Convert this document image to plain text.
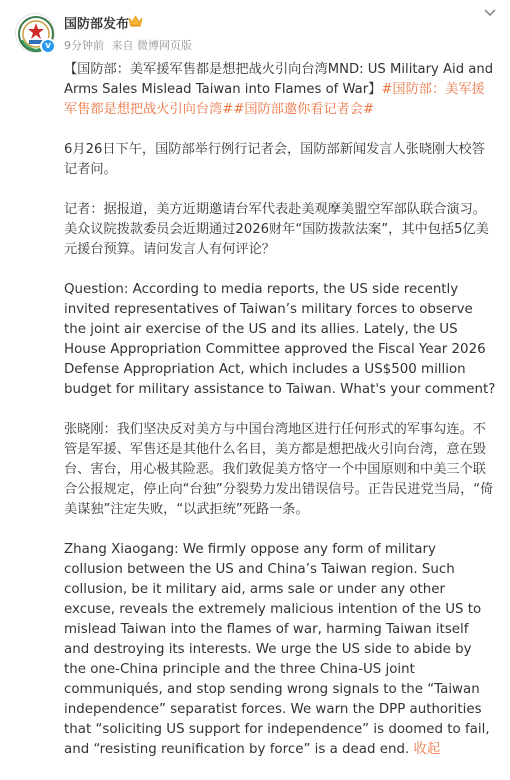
v
国防部发布
9分钟前 来自 微博网页版
【国防部：美军援军售都是想把战火引向台湾MND: US Military Aid and Arms Sales Mislead Taiwan into Flames of War】#国防部：美军援军售都是想把战火引向台湾##国防部邀你看记者会#
6月26日下午，国防部举行例行记者会，国防部新闻发言人张晓刚大校答记者问。
记者：据报道，美方近期邀请台军代表赴美观摩美盟空军部队联合演习。美众议院拨款委员会近期通过2026财年“国防拨款法案”，其中包括5亿美元援台预算。请问发言人有何评论？
Question: According to media reports, the US side recently invited representatives of Taiwan’s military forces to observe the joint air exercise of the US and its allies. Lately, the US House Appropriation Committee approved the Fiscal Year 2026 Defense Appropriation Act, which includes a US$500 million budget for military assistance to Taiwan. What's your comment?
张晓刚：我们坚决反对美方与中国台湾地区进行任何形式的军事勾连。不管是军援、军售还是其他什么名目，美方都是想把战火引向台湾，意在毁台、害台，用心极其险恶。我们敦促美方恪守一个中国原则和中美三个联合公报规定，停止向“台独”分裂势力发出错误信号。正告民进党当局，“倚美谋独”注定失败，“以武拒统”死路一条。
Zhang Xiaogang: We firmly oppose any form of military collusion between the US and China’s Taiwan region. Such collusion, be it military aid, arms sale or under any other excuse, reveals the extremely malicious intention of the US to mislead Taiwan into the flames of war, harming Taiwan itself and destroying its interests. We urge the US side to abide by the one-China principle and the three China-US joint communiqués, and stop sending wrong signals to the “Taiwan independence” separatist forces. We warn the DPP authorities that “soliciting US support for independence” is doomed to fail, and “resisting reunification by force” is a dead end. 收起
